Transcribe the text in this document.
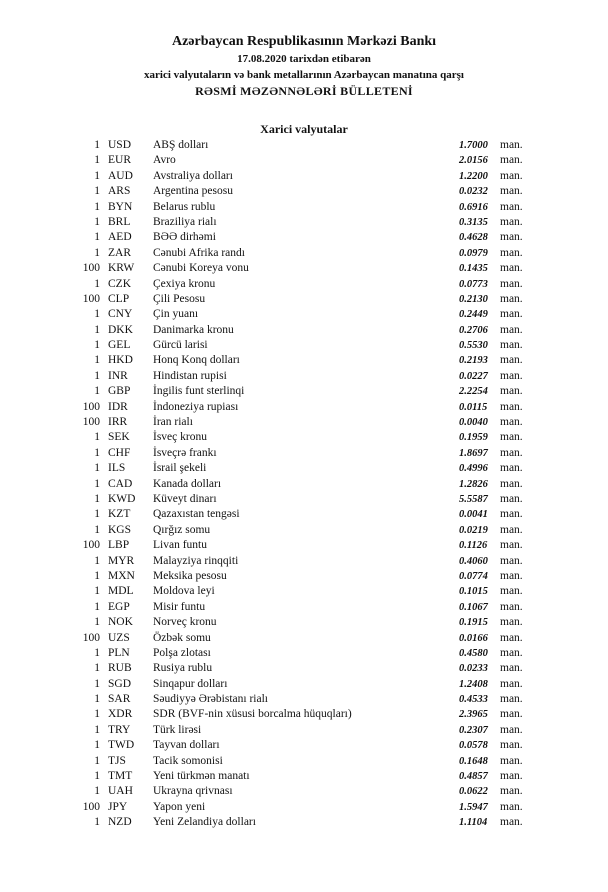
Azərbaycan Respublikasının Mərkəzi Bankı
17.08.2020 tarixdən etibarən
xarici valyutaların və bank metallarının Azərbaycan manatına qarşı
RƏSMİ MƏZƏNNƏLƏRİ BÜLLETENİ
Xarici valyutalar
1 USD ABŞ dolları	1.7000 man.
1 EUR Avro	2.0156 man.
1 AUD Avstraliya dolları	1.2200 man.
1 ARS Argentina pesosu	0.0232 man.
1 BYN Belarus rublu	0.6916 man.
1 BRL Braziliya rialı	0.3135 man.
1 AED BƏƏ dirhəmi	0.4628 man.
1 ZAR Cənubi Afrika randı	0.0979 man.
100 KRW Cənubi Koreya vonu	0.1435 man.
1 CZK Çexiya kronu	0.0773 man.
100 CLP Çili Pesosu	0.2130 man.
1 CNY Çin yuanı	0.2449 man.
1 DKK Danimarka kronu	0.2706 man.
1 GEL Gürcü larisi	0.5530 man.
1 HKD Honq Konq dolları	0.2193 man.
1 INR Hindistan rupisi	0.0227 man.
1 GBP İngilis funt sterlinqi	2.2254 man.
100 IDR İndoneziya rupiası	0.0115 man.
100 IRR İran rialı	0.0040 man.
1 SEK İsveç kronu	0.1959 man.
1 CHF İsveçrə frankı	1.8697 man.
1 ILS İsrail şekeli	0.4996 man.
1 CAD Kanada dolları	1.2826 man.
1 KWD Küveyt dinarı	5.5587 man.
1 KZT Qazaxıstan tengəsi	0.0041 man.
1 KGS Qırğız somu	0.0219 man.
100 LBP Livan funtu	0.1126 man.
1 MYR Malayziya rinqqiti	0.4060 man.
1 MXN Meksika pesosu	0.0774 man.
1 MDL Moldova leyi	0.1015 man.
1 EGP Misir funtu	0.1067 man.
1 NOK Norveç kronu	0.1915 man.
100 UZS Özbək somu	0.0166 man.
1 PLN Polşa zlotası	0.4580 man.
1 RUB Rusiya rublu	0.0233 man.
1 SGD Sinqapur dolları	1.2408 man.
1 SAR Səudiyyə Ərəbistanı rialı	0.4533 man.
1 XDR SDR (BVF-nin xüsusi borcalma hüquqları)	2.3965 man.
1 TRY Türk lirəsi	0.2307 man.
1 TWD Tayvan dolları	0.0578 man.
1 TJS Tacik somonisi	0.1648 man.
1 TMT Yeni türkmən manatı	0.4857 man.
1 UAH Ukrayna qrivnası	0.0622 man.
100 JPY Yapon yeni	1.5947 man.
1 NZD Yeni Zelandiya dolları	1.1104 man.
